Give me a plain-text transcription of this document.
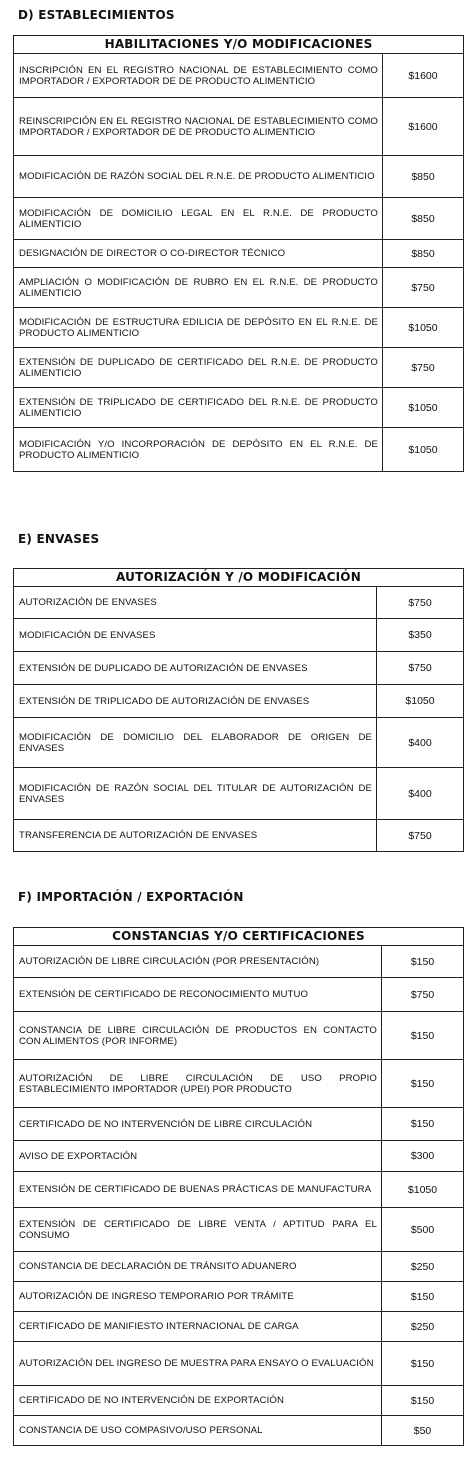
D) ESTABLECIMIENTOS
HABILITACIONES Y/O MODIFICACIONES	
INSCRIPCIÓN EN EL REGISTRO NACIONAL DE ESTABLECIMIENTO COMO IMPORTADOR / EXPORTADOR DE DE PRODUCTO ALIMENTICIO	$1600
REINSCRIPCIÓN EN EL REGISTRO NACIONAL DE ESTABLECIMIENTO COMO IMPORTADOR / EXPORTADOR DE DE PRODUCTO ALIMENTICIO	$1600
MODIFICACIÓN DE RAZÓN SOCIAL DEL R.N.E. DE PRODUCTO ALIMENTICIO	$850
MODIFICACIÓN DE DOMICILIO LEGAL EN EL R.N.E. DE PRODUCTO ALIMENTICIO	$850
DESIGNACIÓN DE DIRECTOR O CO-DIRECTOR TÉCNICO	$850
AMPLIACIÓN O MODIFICACIÓN DE RUBRO EN EL R.N.E. DE PRODUCTO ALIMENTICIO	$750
MODIFICACIÓN DE ESTRUCTURA EDILICIA DE DEPÓSITO EN EL R.N.E. DE PRODUCTO ALIMENTICIO	$1050
EXTENSIÓN DE DUPLICADO DE CERTIFICADO DEL R.N.E. DE PRODUCTO ALIMENTICIO	$750
EXTENSIÓN DE TRIPLICADO DE CERTIFICADO DEL R.N.E. DE PRODUCTO ALIMENTICIO	$1050
MODIFICACIÓN Y/O INCORPORACIÓN DE DEPÓSITO EN EL R.N.E. DE PRODUCTO ALIMENTICIO	$1050
E) ENVASES
AUTORIZACIÓN Y /O MODIFICACIÓN	
AUTORIZACIÓN DE ENVASES	$750
MODIFICACIÓN DE ENVASES	$350
EXTENSIÓN DE DUPLICADO DE AUTORIZACIÓN DE ENVASES	$750
EXTENSIÓN DE TRIPLICADO DE AUTORIZACIÓN DE ENVASES	$1050
MODIFICACIÓN DE DOMICILIO DEL ELABORADOR DE ORIGEN DE ENVASES	$400
MODIFICACIÓN DE RAZÓN SOCIAL DEL TITULAR DE AUTORIZACIÓN DE ENVASES	$400
TRANSFERENCIA DE AUTORIZACIÓN DE ENVASES	$750
F) IMPORTACIÓN / EXPORTACIÓN
CONSTANCIAS Y/O CERTIFICACIONES	
AUTORIZACIÓN DE LIBRE CIRCULACIÓN (POR PRESENTACIÓN)	$150
EXTENSIÓN DE CERTIFICADO DE RECONOCIMIENTO MUTUO	$750
CONSTANCIA DE LIBRE CIRCULACIÓN DE PRODUCTOS EN CONTACTO CON ALIMENTOS (POR INFORME)	$150
AUTORIZACIÓN DE LIBRE CIRCULACIÓN DE USO PROPIO ESTABLECIMIENTO IMPORTADOR (UPEI) POR PRODUCTO	$150
CERTIFICADO DE NO INTERVENCIÓN DE LIBRE CIRCULACIÓN	$150
AVISO DE EXPORTACIÓN	$300
EXTENSIÓN DE CERTIFICADO DE BUENAS PRÁCTICAS DE MANUFACTURA	$1050
EXTENSIÓN DE CERTIFICADO DE LIBRE VENTA / APTITUD PARA EL CONSUMO	$500
CONSTANCIA DE DECLARACIÓN DE TRÁNSITO ADUANERO	$250
AUTORIZACIÓN DE INGRESO TEMPORARIO POR TRÁMITE	$150
CERTIFICADO DE MANIFIESTO INTERNACIONAL DE CARGA	$250
AUTORIZACIÓN DEL INGRESO DE MUESTRA PARA ENSAYO O EVALUACIÓN	$150
CERTIFICADO DE NO INTERVENCIÓN DE EXPORTACIÓN	$150
CONSTANCIA DE USO COMPASIVO/USO PERSONAL	$50
